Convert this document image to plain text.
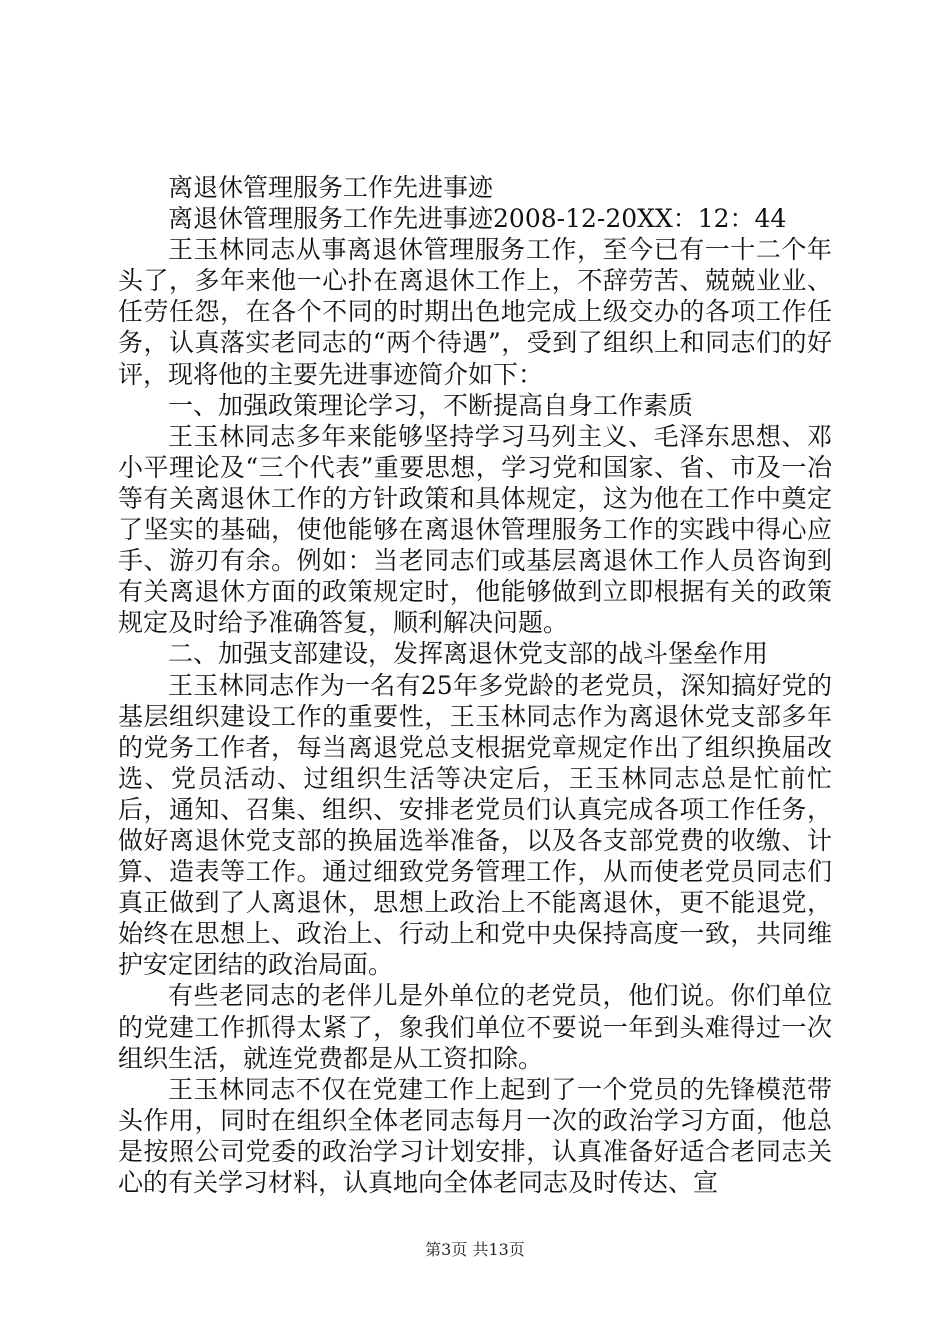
离退休管理服务工作先进事迹

离退休管理服务工作先进事迹2008-12-20XX：12：44

王玉林同志从事离退休管理服务工作，至今已有一十二个年头了，多年来他一心扑在离退休工作上，不辞劳苦、兢兢业业、任劳任怨，在各个不同的时期出色地完成上级交办的各项工作任务，认真落实老同志的“两个待遇”，受到了组织上和同志们的好评，现将他的主要先进事迹简介如下：

一、加强政策理论学习，不断提高自身工作素质

王玉林同志多年来能够坚持学习马列主义、毛泽东思想、邓小平理论及“三个代表”重要思想，学习党和国家、省、市及一冶等有关离退休工作的方针政策和具体规定，这为他在工作中奠定了坚实的基础，使他能够在离退休管理服务工作的实践中得心应手、游刃有余。例如：当老同志们或基层离退休工作人员咨询到有关离退休方面的政策规定时，他能够做到立即根据有关的政策规定及时给予准确答复，顺利解决问题。

二、加强支部建设，发挥离退休党支部的战斗堡垒作用

王玉林同志作为一名有25年多党龄的老党员，深知搞好党的基层组织建设工作的重要性，王玉林同志作为离退休党支部多年的党务工作者，每当离退党总支根据党章规定作出了组织换届改选、党员活动、过组织生活等决定后，王玉林同志总是忙前忙后，通知、召集、组织、安排老党员们认真完成各项工作任务，做好离退休党支部的换届选举准备，以及各支部党费的收缴、计算、造表等工作。通过细致党务管理工作，从而使老党员同志们真正做到了人离退休，思想上政治上不能离退休，更不能退党，始终在思想上、政治上、行动上和党中央保持高度一致，共同维护安定团结的政治局面。

有些老同志的老伴儿是外单位的老党员，他们说。你们单位的党建工作抓得太紧了，象我们单位不要说一年到头难得过一次组织生活，就连党费都是从工资扣除。

王玉林同志不仅在党建工作上起到了一个党员的先锋模范带头作用，同时在组织全体老同志每月一次的政治学习方面，他总是按照公司党委的政治学习计划安排，认真准备好适合老同志关心的有关学习材料，认真地向全体老同志及时传达、宣

第3页 共13页
